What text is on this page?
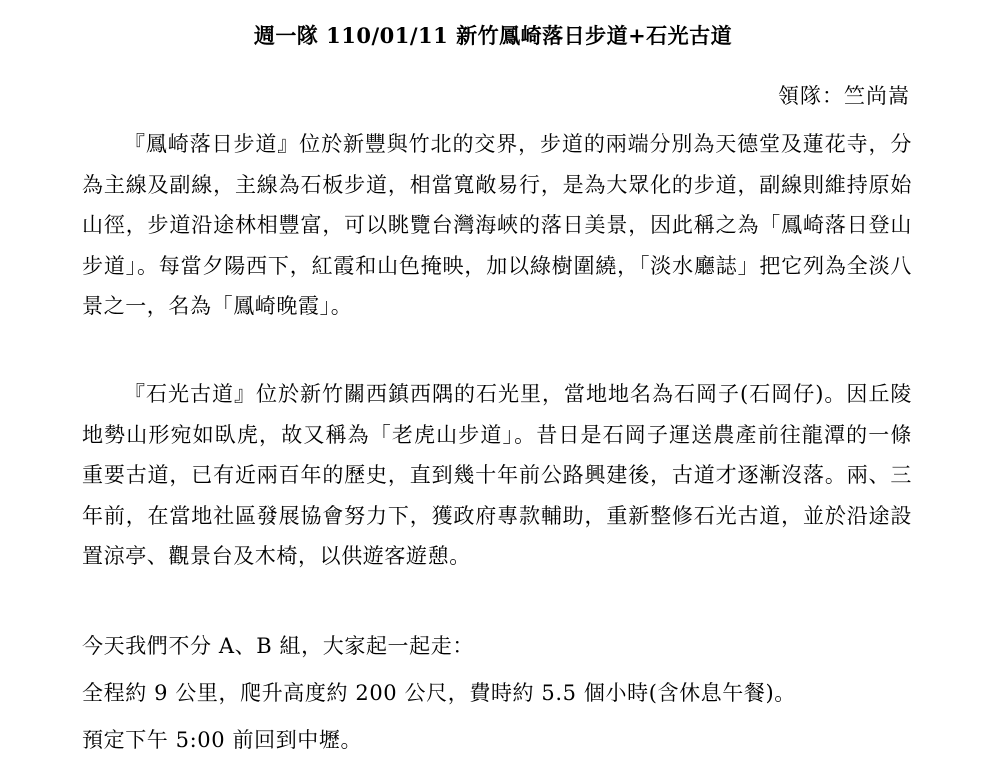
週一隊 110/01/11 新竹鳳崎落日步道+石光古道
領隊：竺尚嵩

『鳳崎落日步道』位於新豐與竹北的交界，步道的兩端分別為天德堂及蓮花寺，分為主線及副線，主線為石板步道，相當寬敞易行，是為大眾化的步道，副線則維持原始山徑，步道沿途林相豐富，可以眺覽台灣海峽的落日美景，因此稱之為「鳳崎落日登山步道」。每當夕陽西下，紅霞和山色掩映，加以綠樹圍繞，「淡水廳誌」把它列為全淡八景之一，名為「鳳崎晚霞」。

『石光古道』位於新竹關西鎮西隅的石光里，當地地名為石岡子(石岡仔)。因丘陵地勢山形宛如臥虎，故又稱為「老虎山步道」。昔日是石岡子運送農產前往龍潭的一條重要古道，已有近兩百年的歷史，直到幾十年前公路興建後，古道才逐漸沒落。兩、三年前，在當地社區發展協會努力下，獲政府專款輔助，重新整修石光古道，並於沿途設置涼亭、觀景台及木椅，以供遊客遊憩。

今天我們不分 A、B 組，大家起一起走：
全程約 9 公里，爬升高度約 200 公尺，費時約 5.5 個小時(含休息午餐)。
預定下午 5:00 前回到中壢。
